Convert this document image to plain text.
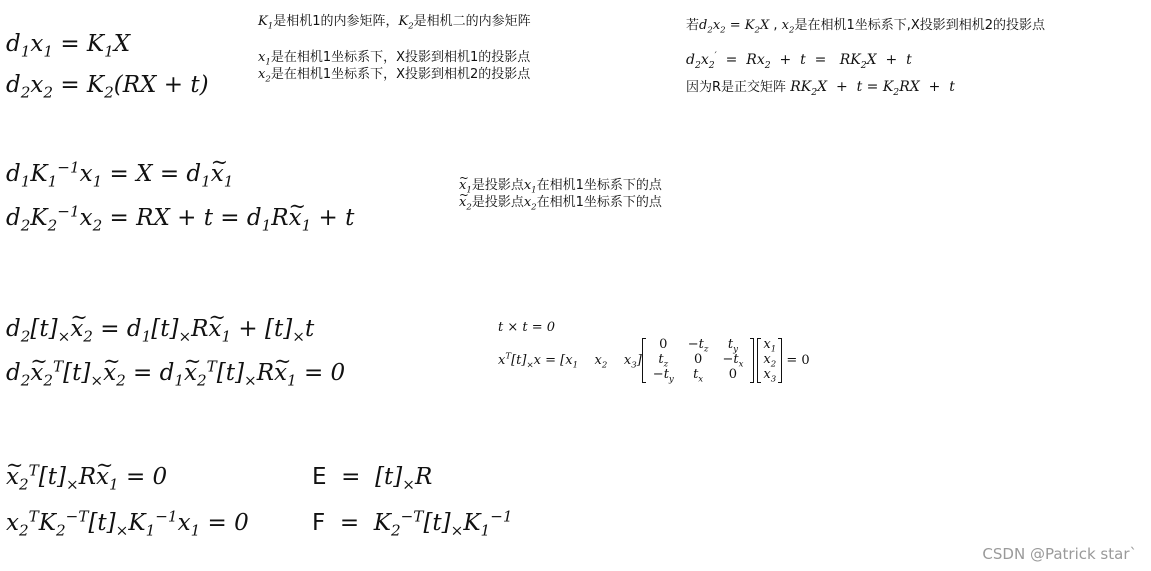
$d_1x_1 = K_1X$
$d_2x_2 = K_2(RX + t)$
$K_1$是相机1的内参矩阵，$K_2$是相机二的内参矩阵
$x_1$是在相机1坐标系下，X投影到相机1的投影点
$x_2$是在相机1坐标系下，X投影到相机2的投影点
若$d_2x_2 = K_2X$ , $x_2$是在相机1坐标系下,X投影到相机2的投影点
$d_2x_2' = Rx_2 + t = RK_2X + t$
因为R是正交矩阵 $RK_2X + t = K_2RX + t$
$d_1K_1^{-1}x_1 = X$ = $d_1\sim$ $x_1$
$d_2K_2^{-1}x_2$ = RX + $t = d_1R\sim$ $x_1 + t$
~ $x_1$是投影点$x_1$在相机1坐标系下的点
~ $x_2$是投影点$x_2$在相机1坐标系下的点
$d_2[t]_\times\sim$ $x_2$ = $d_1[t]_\times R\sim$ $x_1 + [t]_\times t$
$d_2\sim$ $x_2^T[t]_\times\sim$ $x_2$ = $d_1\sim$ $x_2^T[t]_\times R\sim$ $x_1 = 0$
t × t = 0
$x^T[t]_\times x = [x_1$    $x_2$    $x_3$]
0	$-t_z$	$t_y$
$t_z$	0	$-t_x$
$-t_y$	$t_x$	0
$x_1$
$x_2$
$x_3$
= 0
~ $x_2^T[t]_\times R\sim$ $x_1 = 0$
$x_2^TK_2^{-T}[t]_\times K_1^{-1}x_1 = 0$
$E = [t]_\times R$
$F = K_2^{-T}[t]_\times K_1^{-1}$
CSDN @Patrick star`
